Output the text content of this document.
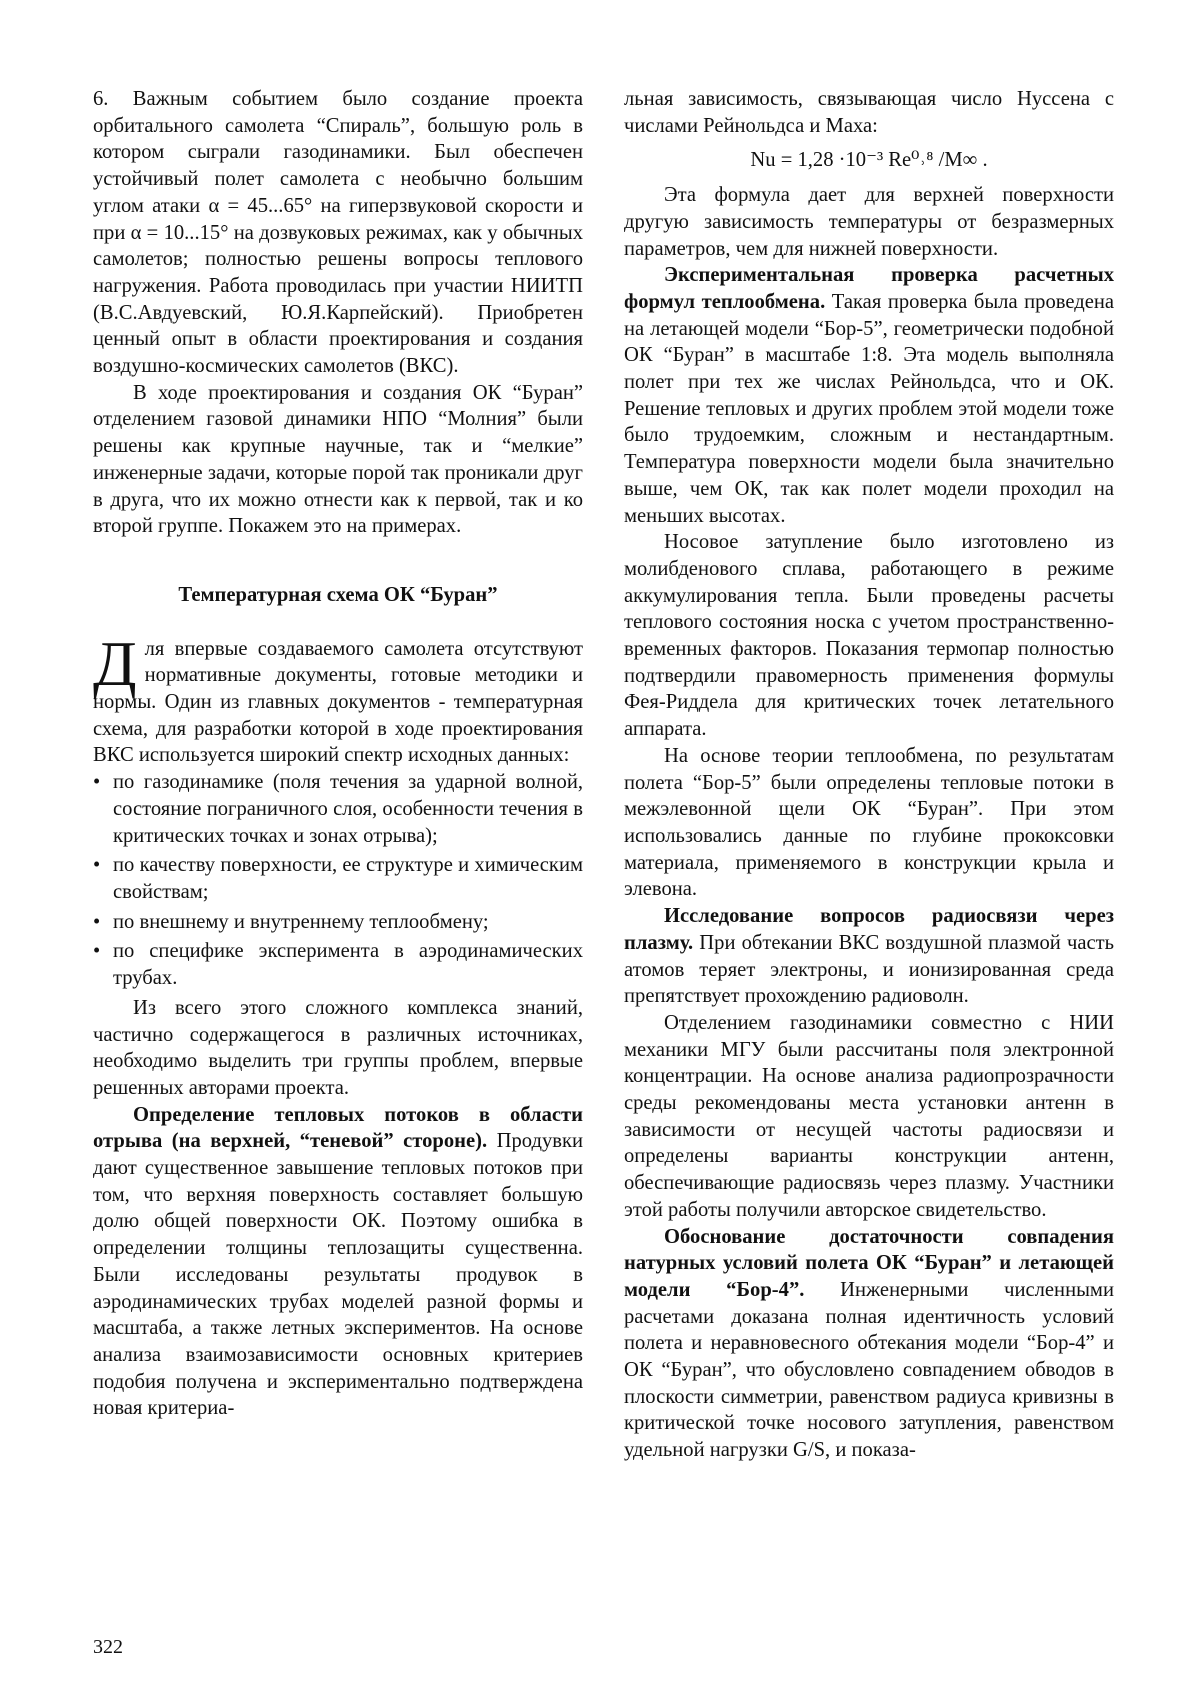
6. Важным событием было создание проекта орбитального самолета “Спираль”, большую роль в котором сыграли газодинамики. Был обеспечен устойчивый полет самолета с необычно большим углом атаки α = 45...65° на гиперзвуковой скорости и при α = 10...15° на дозвуковых режимах, как у обычных самолетов; полностью решены вопросы теплового нагружения. Работа проводилась при участии НИИТП (В.С.Авдуевский, Ю.Я.Карпейский). Приобретен ценный опыт в области проектирования и создания воздушно-космических самолетов (ВКС).

В ходе проектирования и создания ОК “Буран” отделением газовой динамики НПО “Молния” были решены как крупные научные, так и “мелкие” инженерные задачи, которые порой так проникали друг в друга, что их можно отнести как к первой, так и ко второй группе. Покажем это на примерах.

Температурная схема ОК “Буран”

Для впервые создаваемого самолета отсутствуют нормативные документы, готовые методики и нормы. Один из главных документов - температурная схема, для разработки которой в ходе проектирования ВКС используется широкий спектр исходных данных:

• по газодинамике (поля течения за ударной волной, состояние пограничного слоя, особенности течения в критических точках и зонах отрыва);
• по качеству поверхности, ее структуре и химическим свойствам;
• по внешнему и внутреннему теплообмену;
• по специфике эксперимента в аэродинамических трубах.

Из всего этого сложного комплекса знаний, частично содержащегося в различных источниках, необходимо выделить три группы проблем, впервые решенных авторами проекта.

Определение тепловых потоков в области отрыва (на верхней, “теневой” стороне). Продувки дают существенное завышение тепловых потоков при том, что верхняя поверхность составляет большую долю общей поверхности ОК. Поэтому ошибка в определении толщины теплозащиты существенна. Были исследованы результаты продувок в аэродинамических трубах моделей разной формы и масштаба, а также летных экспериментов. На основе анализа взаимозависимости основных критериев подобия получена и экспериментально подтверждена новая критериа-

льная зависимость, связывающая число Нуссена с числами Рейнольдса и Маха:

Nu = 1,28 ·10⁻³ Re⁰˒⁸ /M∞ .

Эта формула дает для верхней поверхности другую зависимость температуры от безразмерных параметров, чем для нижней поверхности.

Экспериментальная проверка расчетных формул теплообмена. Такая проверка была проведена на летающей модели “Бор-5”, геометрически подобной ОК “Буран” в масштабе 1:8. Эта модель выполняла полет при тех же числах Рейнольдса, что и ОК. Решение тепловых и других проблем этой модели тоже было трудоемким, сложным и нестандартным. Температура поверхности модели была значительно выше, чем ОК, так как полет модели проходил на меньших высотах.

Носовое затупление было изготовлено из молибденового сплава, работающего в режиме аккумулирования тепла. Были проведены расчеты теплового состояния носка с учетом пространственно-временных факторов. Показания термопар полностью подтвердили правомерность применения формулы Фея-Риддела для критических точек летательного аппарата.

На основе теории теплообмена, по результатам полета “Бор-5” были определены тепловые потоки в межэлевонной щели ОК “Буран”. При этом использовались данные по глубине прококсовки материала, применяемого в конструкции крыла и элевона.

Исследование вопросов радиосвязи через плазму. При обтекании ВКС воздушной плазмой часть атомов теряет электроны, и ионизированная среда препятствует прохождению радиоволн.

Отделением газодинамики совместно с НИИ механики МГУ были рассчитаны поля электронной концентрации. На основе анализа радиопрозрачности среды рекомендованы места установки антенн в зависимости от несущей частоты радиосвязи и определены варианты конструкции антенн, обеспечивающие радиосвязь через плазму. Участники этой работы получили авторское свидетельство.

Обоснование достаточности совпадения натурных условий полета ОК “Буран” и летающей модели “Бор-4”. Инженерными численными расчетами доказана полная идентичность условий полета и неравновесного обтекания модели “Бор-4” и ОК “Буран”, что обусловлено совпадением обводов в плоскости симметрии, равенством радиуса кривизны в критической точке носового затупления, равенством удельной нагрузки G/S, и показа-

322
